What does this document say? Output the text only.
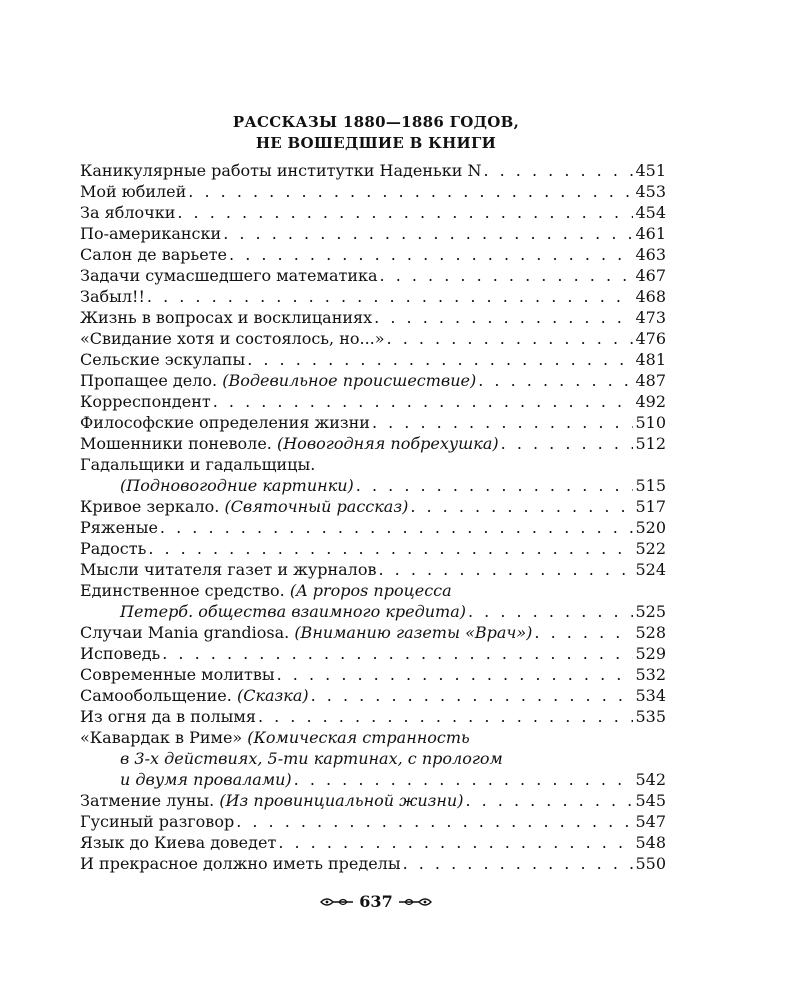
РАССКАЗЫ 1880—1886 ГОДОВ,
НЕ ВОШЕДШИЕ В КНИГИ
Каникулярные работы институтки Наденьки N . . .	451
Мой юбилей . . .	453
За яблочки . . .	454
По-американски . . .	461
Салон де варьете . . .	463
Задачи сумасшедшего математика . . .	467
Забыл!! . . .	468
Жизнь в вопросах и восклицаниях . . .	473
«Свидание хотя и состоялось, но...» . . .	476
Сельские эскулапы . . .	481
Пропащее дело. (Водевильное происшествие) . . .	487
Корреспондент . . .	492
Философские определения жизни . . .	510
Мошенники поневоле. (Новогодняя побрехушка) . . .	512
Гадальщики и гадальщицы.
(Подновогодние картинки) . . .	515
Кривое зеркало. (Святочный рассказ) . . .	517
Ряженые . . .	520
Радость . . .	522
Мысли читателя газет и журналов . . .	524
Единственное средство. (A propos процесса
Петерб. общества взаимного кредита) . . .	525
Случаи Mania grandiosa. (Вниманию газеты «Врач») . . .	528
Исповедь . . .	529
Современные молитвы . . .	532
Самообольщение. (Сказка) . . .	534
Из огня да в полымя . . .	535
«Кавардак в Риме» (Комическая странность
в 3-х действиях, 5-ти картинах, с прологом
и двумя провалами) . . .	542
Затмение луны. (Из провинциальной жизни) . . .	545
Гусиный разговор . . .	547
Язык до Киева доведет . . .	548
И прекрасное должно иметь пределы . . .	550
637
